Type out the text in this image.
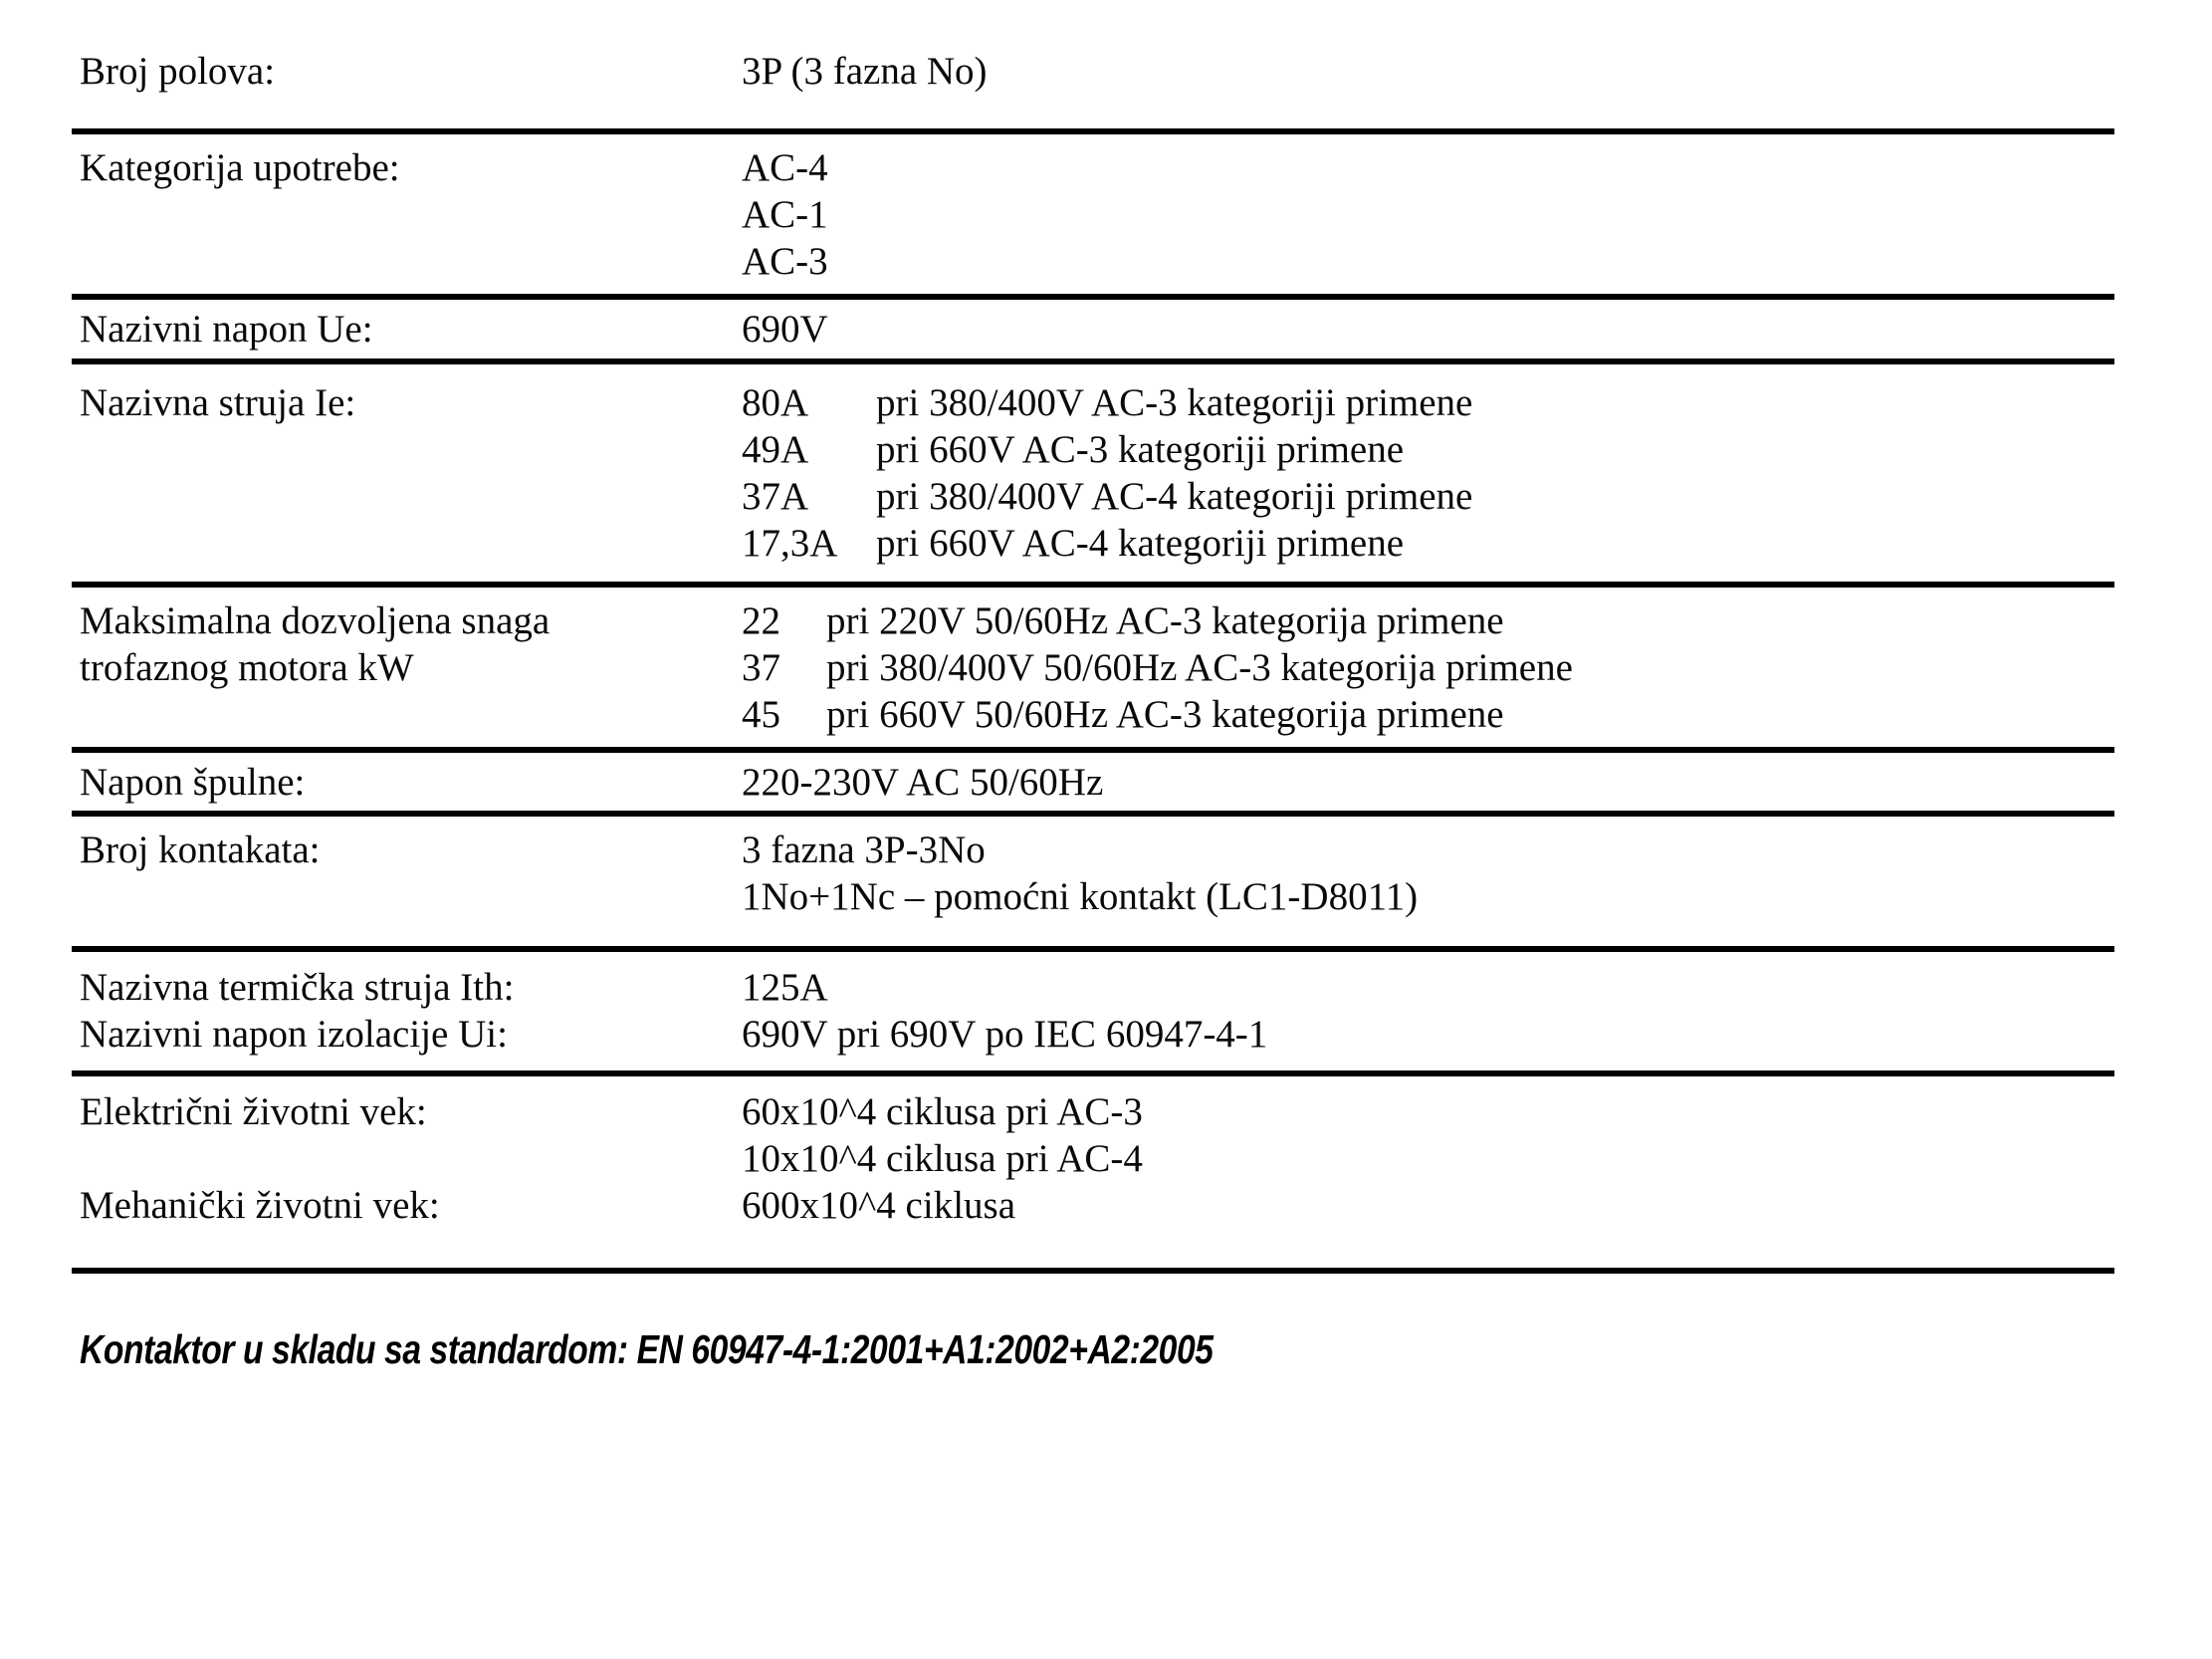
Broj polova:	3P (3 fazna No)
Kategorija upotrebe:	AC-4
AC-1
AC-3
Nazivni napon Ue:	690V
Nazivna struja Ie:	80A	pri 380/400V AC-3 kategoriji primene
49A	pri 660V AC-3 kategoriji primene
37A	pri 380/400V AC-4 kategoriji primene
17,3A pri 660V AC-4 kategoriji primene
Maksimalna dozvoljena snaga	22	pri 220V 50/60Hz AC-3 kategorija primene
trofaznog motora kW	37	pri 380/400V 50/60Hz AC-3 kategorija primene
45	pri 660V 50/60Hz AC-3 kategorija primene
Napon špulne:	220-230V AC 50/60Hz
Broj kontakata:	3 fazna 3P-3No
1No+1Nc – pomoćni kontakt (LC1-D8011)
Nazivna termička struja Ith:	125A
Nazivni napon izolacije Ui:	690V pri 690V po IEC 60947-4-1
Električni životni vek:	60x10^4 ciklusa pri AC-3
10x10^4 ciklusa pri AC-4
Mehanički životni vek:	600x10^4 ciklusa
Kontaktor u skladu sa standardom: EN 60947-4-1:2001+A1:2002+A2:2005
